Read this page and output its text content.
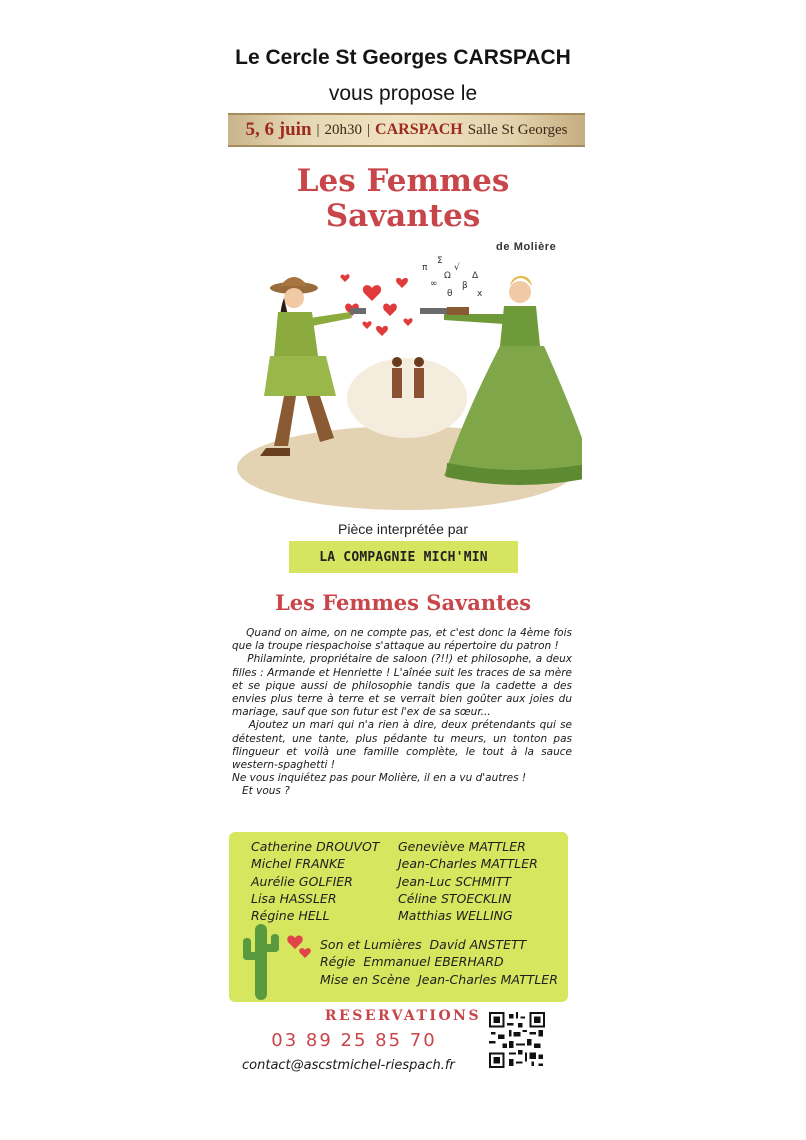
Le Cercle St Georges CARSPACH
vous propose le
5, 6 juin | 20h30 | CARSPACH Salle St Georges
Les Femmes
Savantes
de Molière
π
Σ
Ω
√
∞	β
θ
Δ
x
Pièce interprétée par
LA COMPAGNIE MICH'MIN
Les Femmes Savantes

Quand on aime, on ne compte pas, et c'est donc la 4ème fois que la troupe riespachoise s'attaque au répertoire du patron !

Philaminte, propriétaire de saloon (?!!) et philosophe, a deux filles : Armande et Henriette ! L'aînée suit les traces de sa mère et se pique aussi de philosophie tandis que la cadette a des envies plus terre à terre et se verrait bien goûter aux joies du mariage, sauf que son futur est l'ex de sa sœur...

Ajoutez un mari qui n'a rien à dire, deux prétendants qui se détestent, une tante, plus pédante tu meurs, un tonton pas flingueur et voilà une famille complète, le tout à la sauce western-spaghetti !

Ne vous inquiétez pas pour Molière, il en a vu d'autres !

Et vous ?

Catherine DROUVOT
Michel FRANKE
Aurélie GOLFIER
Lisa HASSLER
Régine HELL
Geneviève MATTLER
Jean-Charles MATTLER
Jean-Luc SCHMITT
Céline STOECKLIN
Matthias WELLING
Son et Lumières  David ANSTETT
Régie  Emmanuel EBERHARD
Mise en Scène  Jean-Charles MATTLER
RESERVATIONS
03 89 25 85 70
contact@ascstmichel-riespach.fr
